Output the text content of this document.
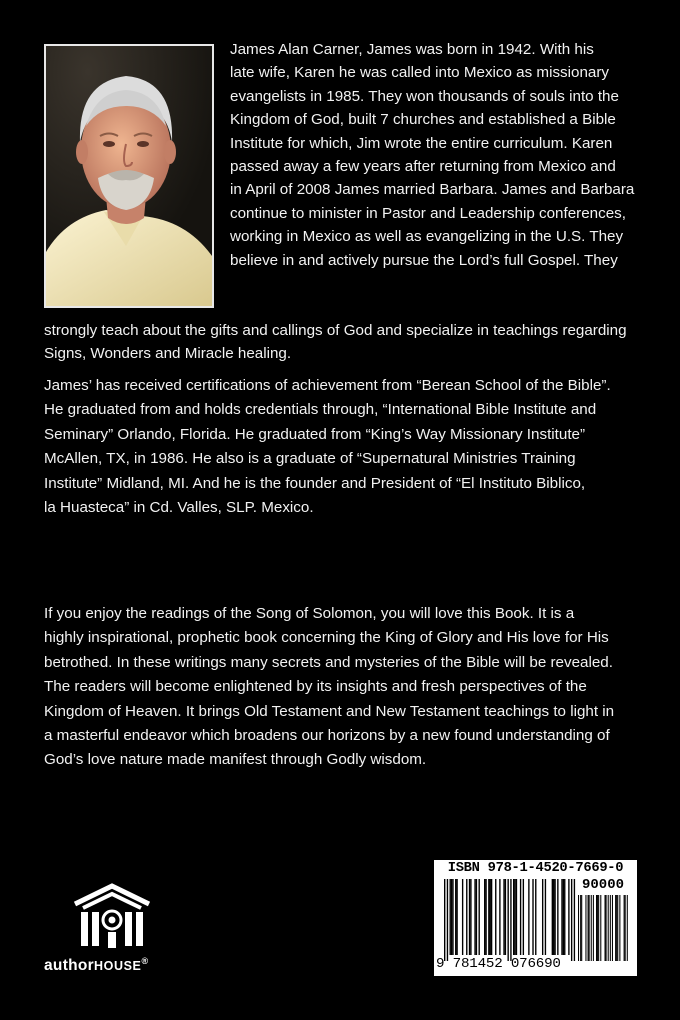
James Alan Carner, James was born in 1942. With his
late wife, Karen he was called into Mexico as missionary
evangelists in 1985. They won thousands of souls into the
Kingdom of God, built 7 churches and established a Bible
Institute for which, Jim wrote the entire curriculum. Karen
passed away a few years after returning from Mexico and
in April of 2008 James married Barbara. James and Barbara
continue to minister in Pastor and Leadership conferences,
working in Mexico as well as evangelizing in the U.S. They
believe in and actively pursue the Lord’s full Gospel. They
strongly teach about the gifts and callings of God and specialize in teachings regarding
Signs, Wonders and Miracle healing.
James’ has received certifications of achievement from “Berean School of the Bible”.
He graduated from and holds credentials through, “International Bible Institute and
Seminary” Orlando, Florida. He graduated from “King’s Way Missionary Institute”
McAllen, TX, in 1986. He also is a graduate of “Supernatural Ministries Training
Institute” Midland, MI. And he is the founder and President of “El Instituto Biblico,
la Huasteca” in Cd. Valles, SLP. Mexico.
If you enjoy the readings of the Song of Solomon, you will love this Book. It is a
highly inspirational, prophetic book concerning the King of Glory and His love for His
betrothed. In these writings many secrets and mysteries of the Bible will be revealed.
The readers will become enlightened by its insights and fresh perspectives of the
Kingdom of Heaven. It brings Old Testament and New Testament teachings to light in
a masterful endeavor which broadens our horizons by a new found understanding of
God’s love nature made manifest through Godly wisdom.
authorHOUSE®
ISBN 978-1-4520-7669-0
90000
9 781452 076690
